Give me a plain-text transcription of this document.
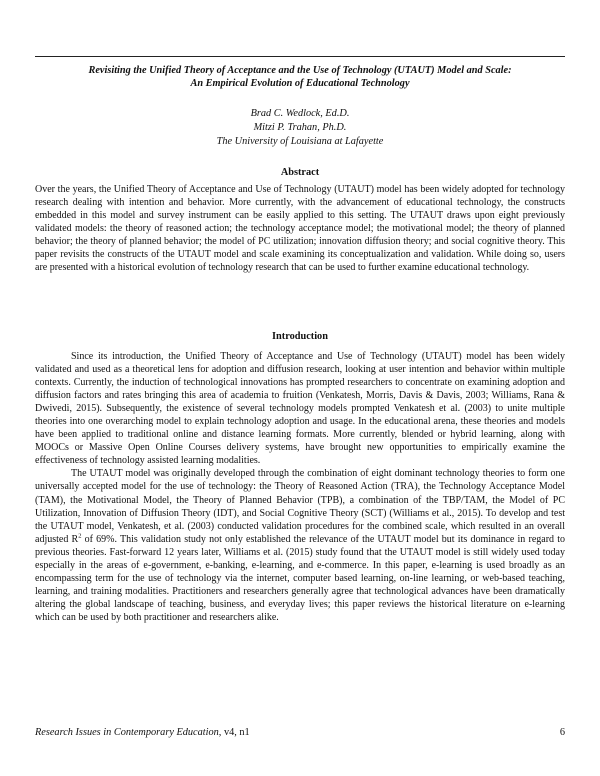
Revisiting the Unified Theory of Acceptance and the Use of Technology (UTAUT) Model and Scale:
An Empirical Evolution of Educational Technology
Brad C. Wedlock, Ed.D.
Mitzi P. Trahan, Ph.D.
The University of Louisiana at Lafayette
Abstract

Over the years, the Unified Theory of Acceptance and Use of Technology (UTAUT) model has been widely adopted for technology research dealing with intention and behavior. More currently, with the advancement of educational technology, the constructs embedded in this model and survey instrument can be easily applied to this setting. The UTAUT draws upon eight previously validated models: the theory of reasoned action; the technology acceptance model; the motivational model; the theory of planned behavior; the theory of planned behavior; the model of PC utilization; innovation diffusion theory; and social cognitive theory. This paper revisits the constructs of the UTAUT model and scale examining its conceptualization and validation. While doing so, users are presented with a historical evolution of technology research that can be used to further examine educational technology.

Introduction

Since its introduction, the Unified Theory of Acceptance and Use of Technology (UTAUT) model has been widely validated and used as a theoretical lens for adoption and diffusion research, looking at user intention and behavior within multiple contexts. Currently, the induction of technological innovations has prompted researchers to concentrate on examining adoption and diffusion factors and rates bringing this area of academia to fruition (Venkatesh, Morris, Davis & Davis, 2003; Williams, Rana & Dwivedi, 2015). Subsequently, the existence of several technology models prompted Venkatesh et al. (2003) to unite multiple theories into one overarching model to explain technology adoption and usage. In the educational arena, these theories and models have been applied to traditional online and distance learning formats. More currently, blended or hybrid learning, along with MOOCs or Massive Open Online Courses delivery systems, have brought new opportunities to empirically examine the effectiveness of technology assisted learning modalities.

The UTAUT model was originally developed through the combination of eight dominant technology theories to form one universally accepted model for the use of technology: the Theory of Reasoned Action (TRA), the Technology Acceptance Model (TAM), the Motivational Model, the Theory of Planned Behavior (TPB), a combination of the TBP/TAM, the Model of PC Utilization, Innovation of Diffusion Theory (IDT), and Social Cognitive Theory (SCT) (Williams et al., 2015). To develop and test the UTAUT model, Venkatesh, et al. (2003) conducted validation procedures for the combined scale, which resulted in an overall adjusted $R^2$ of 69%. This validation study not only established the relevance of the UTAUT model but its dominance in regard to previous theories. Fast-forward 12 years later, Williams et al. (2015) study found that the UTAUT model is still widely used today especially in the areas of e-government, e-banking, e-learning, and e-commerce. In this paper, e-learning is used broadly as an encompassing term for the use of technology via the internet, computer based learning, on-line learning, or web-based teaching, learning, and training modalities. Practitioners and researchers generally agree that technological advances have been dramatically altering the global landscape of teaching, business, and everyday lives; this paper reviews the historical literature on e-learning which can be used by both practitioner and researchers alike.

Research Issues in Contemporary Education, v4, n1	6
